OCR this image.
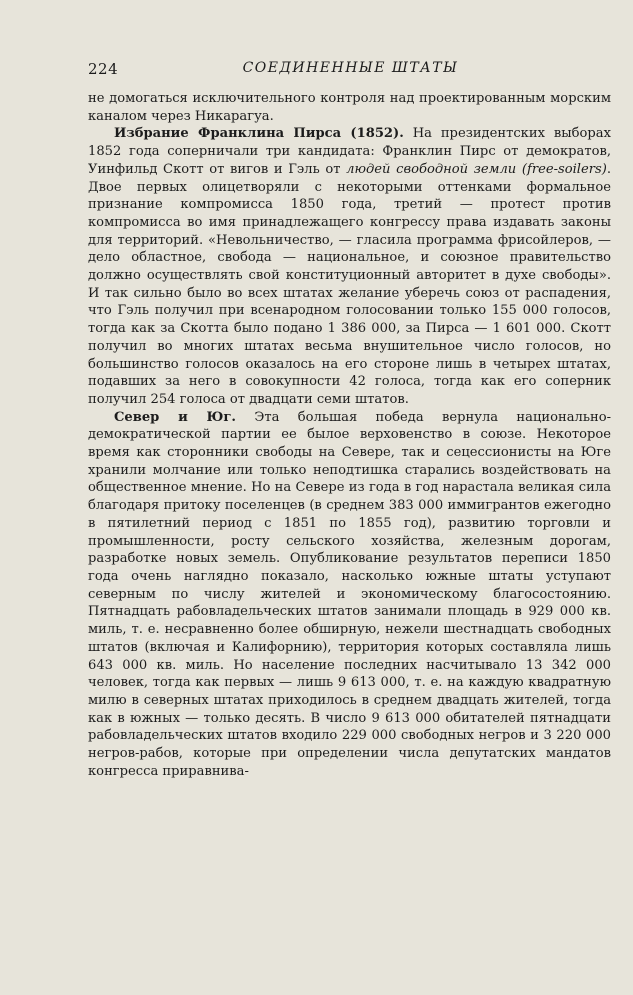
224	СОЕДИНЕННЫЕ ШТАТЫ

не домогаться исключительного контроля над проектированным морским каналом через Никарагуа.

Избрание Франклина Пирса (1852). На президентских выборах 1852 года соперничали три кандидата: Франклин Пирс от демократов, Уинфильд Скотт от вигов и Гэль от людей свободной земли (free-soilers). Двое первых олицетворяли с некоторыми оттенками формальное признание компромисса 1850 года, третий — протест против компромисса во имя принадлежащего конгрессу права издавать законы для территорий. «Невольничество, — гласила программа фрисойлеров, — дело областное, свобода — национальное, и союзное правительство должно осуществлять свой конституционный авторитет в духе свободы». И так сильно было во всех штатах желание уберечь союз от распадения, что Гэль получил при всенародном голосовании только 155 000 голосов, тогда как за Скотта было подано 1 386 000, за Пирса — 1 601 000. Скотт получил во многих штатах весьма внушительное число голосов, но большинство голосов оказалось на его стороне лишь в четырех штатах, подавших за него в совокупности 42 голоса, тогда как его соперник получил 254 голоса от двадцати семи штатов.

Север и Юг. Эта большая победа вернула национально-демократической партии ее былое верховенство в союзе. Некоторое время как сторонники свободы на Севере, так и сецессионисты на Юге хранили молчание или только неподтишка старались воздействовать на общественное мнение. Но на Севере из года в год нарастала великая сила благодаря притоку поселенцев (в среднем 383 000 иммигрантов ежегодно в пятилетний период с 1851 по 1855 год), развитию торговли и промышленности, росту сельского хозяйства, железным дорогам, разработке новых земель. Опубликование результатов переписи 1850 года очень наглядно показало, насколько южные штаты уступают северным по числу жителей и экономическому благосостоянию. Пятнадцать рабовладельческих штатов занимали площадь в 929 000 кв. миль, т. е. несравненно более обширную, нежели шестнадцать свободных штатов (включая и Калифорнию), территория которых составляла лишь 643 000 кв. миль. Но население последних насчитывало 13 342 000 человек, тогда как первых — лишь 9 613 000, т. е. на каждую квадратную милю в северных штатах приходилось в среднем двадцать жителей, тогда как в южных — только десять. В число 9 613 000 обитателей пятнадцати рабовладельческих штатов входило 229 000 свободных негров и 3 220 000 негров-рабов, которые при определении числа депутатских мандатов конгресса приравнива-
